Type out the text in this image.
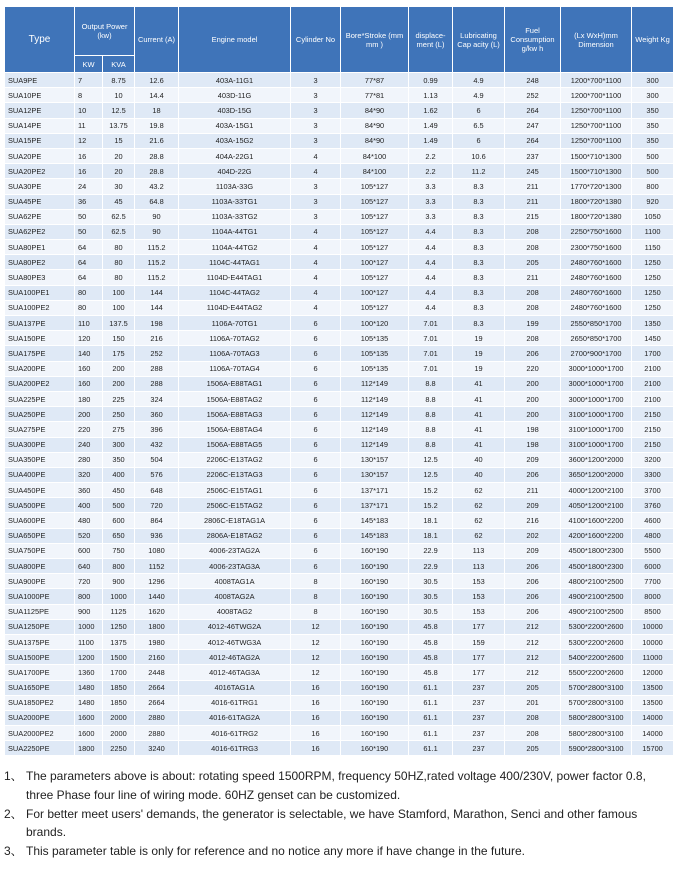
Type	Output Power (kw)		Current (A)	Engine model	Cylinder No	Bore*Stroke (mm mm )	displace- ment (L)	Lubricating Cap acity (L)	Fuel Consumption g/kw h	(Lx WxH)mm Dimension	Weight Kg
	KW	KVA									
SUA9PE	7	8.75	12.6	403A-11G1	3	77*87	0.99	4.9	248	1200*700*1100	300
SUA10PE	8	10	14.4	403D-11G	3	77*81	1.13	4.9	252	1200*700*1100	300
SUA12PE	10	12.5	18	403D-15G	3	84*90	1.62	6	264	1250*700*1100	350
SUA14PE	11	13.75	19.8	403A-15G1	3	84*90	1.49	6.5	247	1250*700*1100	350
SUA15PE	12	15	21.6	403A-15G2	3	84*90	1.49	6	264	1250*700*1100	350
SUA20PE	16	20	28.8	404A-22G1	4	84*100	2.2	10.6	237	1500*710*1300	500
SUA20PE2	16	20	28.8	404D-22G	4	84*100	2.2	11.2	245	1500*710*1300	500
SUA30PE	24	30	43.2	1103A-33G	3	105*127	3.3	8.3	211	1770*720*1300	800
SUA45PE	36	45	64.8	1103A-33TG1	3	105*127	3.3	8.3	211	1800*720*1380	920
SUA62PE	50	62.5	90	1103A-33TG2	3	105*127	3.3	8.3	215	1800*720*1380	1050
SUA62PE2	50	62.5	90	1104A-44TG1	4	105*127	4.4	8.3	208	2250*750*1600	1100
SUA80PE1	64	80	115.2	1104A-44TG2	4	105*127	4.4	8.3	208	2300*750*1600	1150
SUA80PE2	64	80	115.2	1104C-44TAG1	4	100*127	4.4	8.3	205	2480*760*1600	1250
SUA80PE3	64	80	115.2	1104D-E44TAG1	4	105*127	4.4	8.3	211	2480*760*1600	1250
SUA100PE1	80	100	144	1104C-44TAG2	4	100*127	4.4	8.3	208	2480*760*1600	1250
SUA100PE2	80	100	144	1104D-E44TAG2	4	105*127	4.4	8.3	208	2480*760*1600	1250
SUA137PE	110	137.5	198	1106A-70TG1	6	100*120	7.01	8.3	199	2550*850*1700	1350
SUA150PE	120	150	216	1106A-70TAG2	6	105*135	7.01	19	208	2650*850*1700	1450
SUA175PE	140	175	252	1106A-70TAG3	6	105*135	7.01	19	206	2700*900*1700	1700
SUA200PE	160	200	288	1106A-70TAG4	6	105*135	7.01	19	220	3000*1000*1700	2100
SUA200PE2	160	200	288	1506A-E88TAG1	6	112*149	8.8	41	200	3000*1000*1700	2100
SUA225PE	180	225	324	1506A-E88TAG2	6	112*149	8.8	41	200	3000*1000*1700	2100
SUA250PE	200	250	360	1506A-E88TAG3	6	112*149	8.8	41	200	3100*1000*1700	2150
SUA275PE	220	275	396	1506A-E88TAG4	6	112*149	8.8	41	198	3100*1000*1700	2150
SUA300PE	240	300	432	1506A-E88TAG5	6	112*149	8.8	41	198	3100*1000*1700	2150
SUA350PE	280	350	504	2206C-E13TAG2	6	130*157	12.5	40	209	3600*1200*2000	3200
SUA400PE	320	400	576	2206C-E13TAG3	6	130*157	12.5	40	206	3650*1200*2000	3300
SUA450PE	360	450	648	2506C-E15TAG1	6	137*171	15.2	62	211	4000*1200*2100	3700
SUA500PE	400	500	720	2506C-E15TAG2	6	137*171	15.2	62	209	4050*1200*2100	3760
SUA600PE	480	600	864	2806C-E18TAG1A	6	145*183	18.1	62	216	4100*1600*2200	4600
SUA650PE	520	650	936	2806A-E18TAG2	6	145*183	18.1	62	202	4200*1600*2200	4800
SUA750PE	600	750	1080	4006-23TAG2A	6	160*190	22.9	113	209	4500*1800*2300	5500
SUA800PE	640	800	1152	4006-23TAG3A	6	160*190	22.9	113	206	4500*1800*2300	6000
SUA900PE	720	900	1296	4008TAG1A	8	160*190	30.5	153	206	4800*2100*2500	7700
SUA1000PE	800	1000	1440	4008TAG2A	8	160*190	30.5	153	206	4900*2100*2500	8000
SUA1125PE	900	1125	1620	4008TAG2	8	160*190	30.5	153	206	4900*2100*2500	8500
SUA1250PE	1000	1250	1800	4012-46TWG2A	12	160*190	45.8	177	212	5300*2200*2600	10000
SUA1375PE	1100	1375	1980	4012-46TWG3A	12	160*190	45.8	159	212	5300*2200*2600	10000
SUA1500PE	1200	1500	2160	4012-46TAG2A	12	160*190	45.8	177	212	5400*2200*2600	11000
SUA1700PE	1360	1700	2448	4012-46TAG3A	12	160*190	45.8	177	212	5500*2200*2600	12000
SUA1650PE	1480	1850	2664	4016TAG1A	16	160*190	61.1	237	205	5700*2800*3100	13500
SUA1850PE2	1480	1850	2664	4016-61TRG1	16	160*190	61.1	237	201	5700*2800*3100	13500
SUA2000PE	1600	2000	2880	4016-61TAG2A	16	160*190	61.1	237	208	5800*2800*3100	14000
SUA2000PE2	1600	2000	2880	4016-61TRG2	16	160*190	61.1	237	208	5800*2800*3100	14000
SUA2250PE	1800	2250	3240	4016-61TRG3	16	160*190	61.1	237	205	5900*2800*3100	15700

1、 The parameters above is about: rotating speed 1500RPM, frequency 50HZ,rated voltage 400/230V, power factor 0.8, three Phase four line of wiring mode. 60HZ genset can be customized.

2、 For better meet users' demands, the generator is selectable, we have Stamford, Marathon, Senci and other famous brands.

3、 This parameter table is only for reference and no notice any more if have change in the future.
